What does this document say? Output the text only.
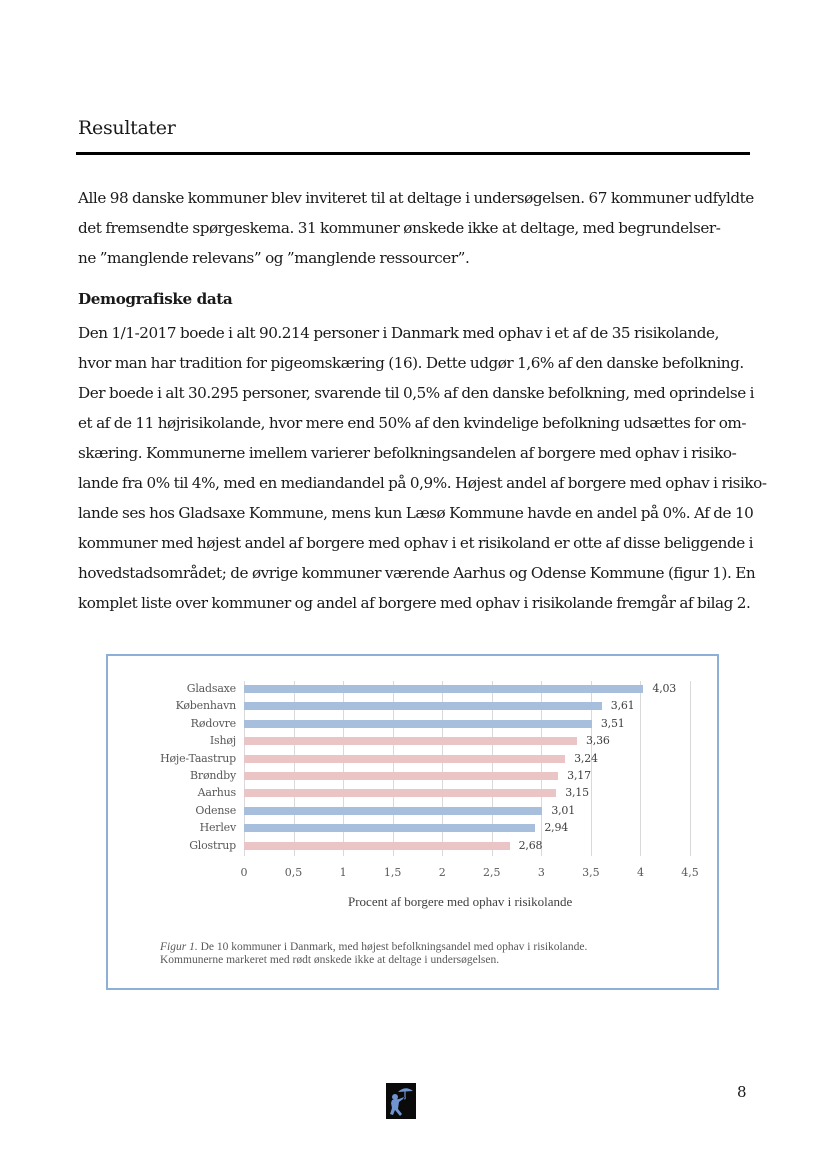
Resultater
Alle 98 danske kommuner blev inviteret til at deltage i undersøgelsen. 67 kommuner udfyldte
det fremsendte spørgeskema. 31 kommuner ønskede ikke at deltage, med begrundelser-
ne ”manglende relevans” og ”manglende ressourcer”.
Demografiske data
Den 1/1-2017 boede i alt 90.214 personer i Danmark med ophav i et af de 35 risikolande,
hvor man har tradition for pigeomskæring (16). Dette udgør 1,6% af den danske befolkning.
Der boede i alt 30.295 personer, svarende til 0,5% af den danske befolkning, med oprindelse i
et af de 11 højrisikolande, hvor mere end 50% af den kvindelige befolkning udsættes for om-
skæring. Kommunerne imellem varierer befolkningsandelen af borgere med ophav i risiko-
lande fra 0% til 4%, med en mediandandel på 0,9%. Højest andel af borgere med ophav i risiko-
lande ses hos Gladsaxe Kommune, mens kun Læsø Kommune havde en andel på 0%. Af de 10
kommuner med højest andel af borgere med ophav i et risikoland er otte af disse beliggende i
hovedstadsområdet; de øvrige kommuner værende Aarhus og Odense Kommune (figur 1). En
komplet liste over kommuner og andel af borgere med ophav i risikolande fremgår af bilag 2.
Gladsaxe
København
Rødovre
Ishøj
Høje-Taastrup
Brøndby
Aarhus
Odense
Herlev
Glostrup
4,03
3,61
3,51
3,36
3,24
3,17
3,15
3,01
2,94
2,68
0	0,5	1	1,5	2	2,5	3	3,5	4	4,5
Procent af borgere med ophav i risikolande
Figur 1. De 10 kommuner i Danmark, med højest befolkningsandel med ophav i risikolande.
Kommunerne markeret med rødt ønskede ikke at deltage i undersøgelsen.
8
